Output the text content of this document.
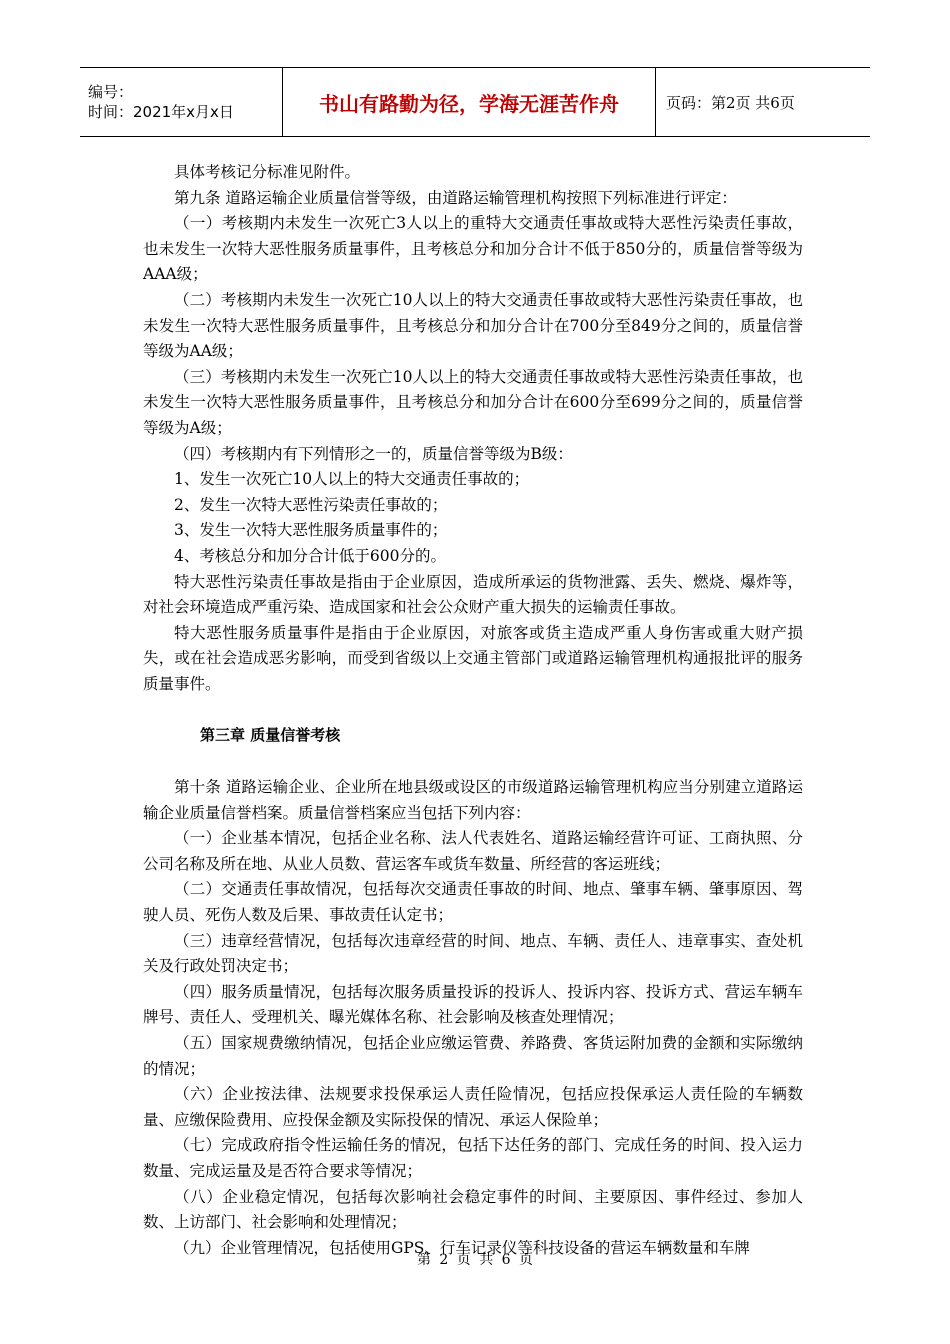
编号：
时间：2021年x月x日	书山有路勤为径，学海无涯苦作舟	页码：第2页 共6页

具体考核记分标准见附件。

第九条 道路运输企业质量信誉等级，由道路运输管理机构按照下列标准进行评定：

（一）考核期内未发生一次死亡3人以上的重特大交通责任事故或特大恶性污染责任事故，也未发生一次特大恶性服务质量事件，且考核总分和加分合计不低于850分的，质量信誉等级为AAA级；

（二）考核期内未发生一次死亡10人以上的特大交通责任事故或特大恶性污染责任事故，也未发生一次特大恶性服务质量事件，且考核总分和加分合计在700分至849分之间的，质量信誉等级为AA级；

（三）考核期内未发生一次死亡10人以上的特大交通责任事故或特大恶性污染责任事故，也未发生一次特大恶性服务质量事件，且考核总分和加分合计在600分至699分之间的，质量信誉等级为A级；

（四）考核期内有下列情形之一的，质量信誉等级为B级：

1、发生一次死亡10人以上的特大交通责任事故的；

2、发生一次特大恶性污染责任事故的；

3、发生一次特大恶性服务质量事件的；

4、考核总分和加分合计低于600分的。

特大恶性污染责任事故是指由于企业原因，造成所承运的货物泄露、丢失、燃烧、爆炸等，对社会环境造成严重污染、造成国家和社会公众财产重大损失的运输责任事故。

特大恶性服务质量事件是指由于企业原因，对旅客或货主造成严重人身伤害或重大财产损失，或在社会造成恶劣影响，而受到省级以上交通主管部门或道路运输管理机构通报批评的服务质量事件。

第三章 质量信誉考核

第十条 道路运输企业、企业所在地县级或设区的市级道路运输管理机构应当分别建立道路运输企业质量信誉档案。质量信誉档案应当包括下列内容：

（一）企业基本情况，包括企业名称、法人代表姓名、道路运输经营许可证、工商执照、分公司名称及所在地、从业人员数、营运客车或货车数量、所经营的客运班线；

（二）交通责任事故情况，包括每次交通责任事故的时间、地点、肇事车辆、肇事原因、驾驶人员、死伤人数及后果、事故责任认定书；

（三）违章经营情况，包括每次违章经营的时间、地点、车辆、责任人、违章事实、查处机关及行政处罚决定书；

（四）服务质量情况，包括每次服务质量投诉的投诉人、投诉内容、投诉方式、营运车辆车牌号、责任人、受理机关、曝光媒体名称、社会影响及核查处理情况；

（五）国家规费缴纳情况，包括企业应缴运管费、养路费、客货运附加费的金额和实际缴纳的情况；

（六）企业按法律、法规要求投保承运人责任险情况，包括应投保承运人责任险的车辆数量、应缴保险费用、应投保金额及实际投保的情况、承运人保险单；

（七）完成政府指令性运输任务的情况，包括下达任务的部门、完成任务的时间、投入运力数量、完成运量及是否符合要求等情况；

（八）企业稳定情况，包括每次影响社会稳定事件的时间、主要原因、事件经过、参加人数、上访部门、社会影响和处理情况；

（九）企业管理情况，包括使用GPS、行车记录仪等科技设备的营运车辆数量和车牌

第 2 页 共 6 页
